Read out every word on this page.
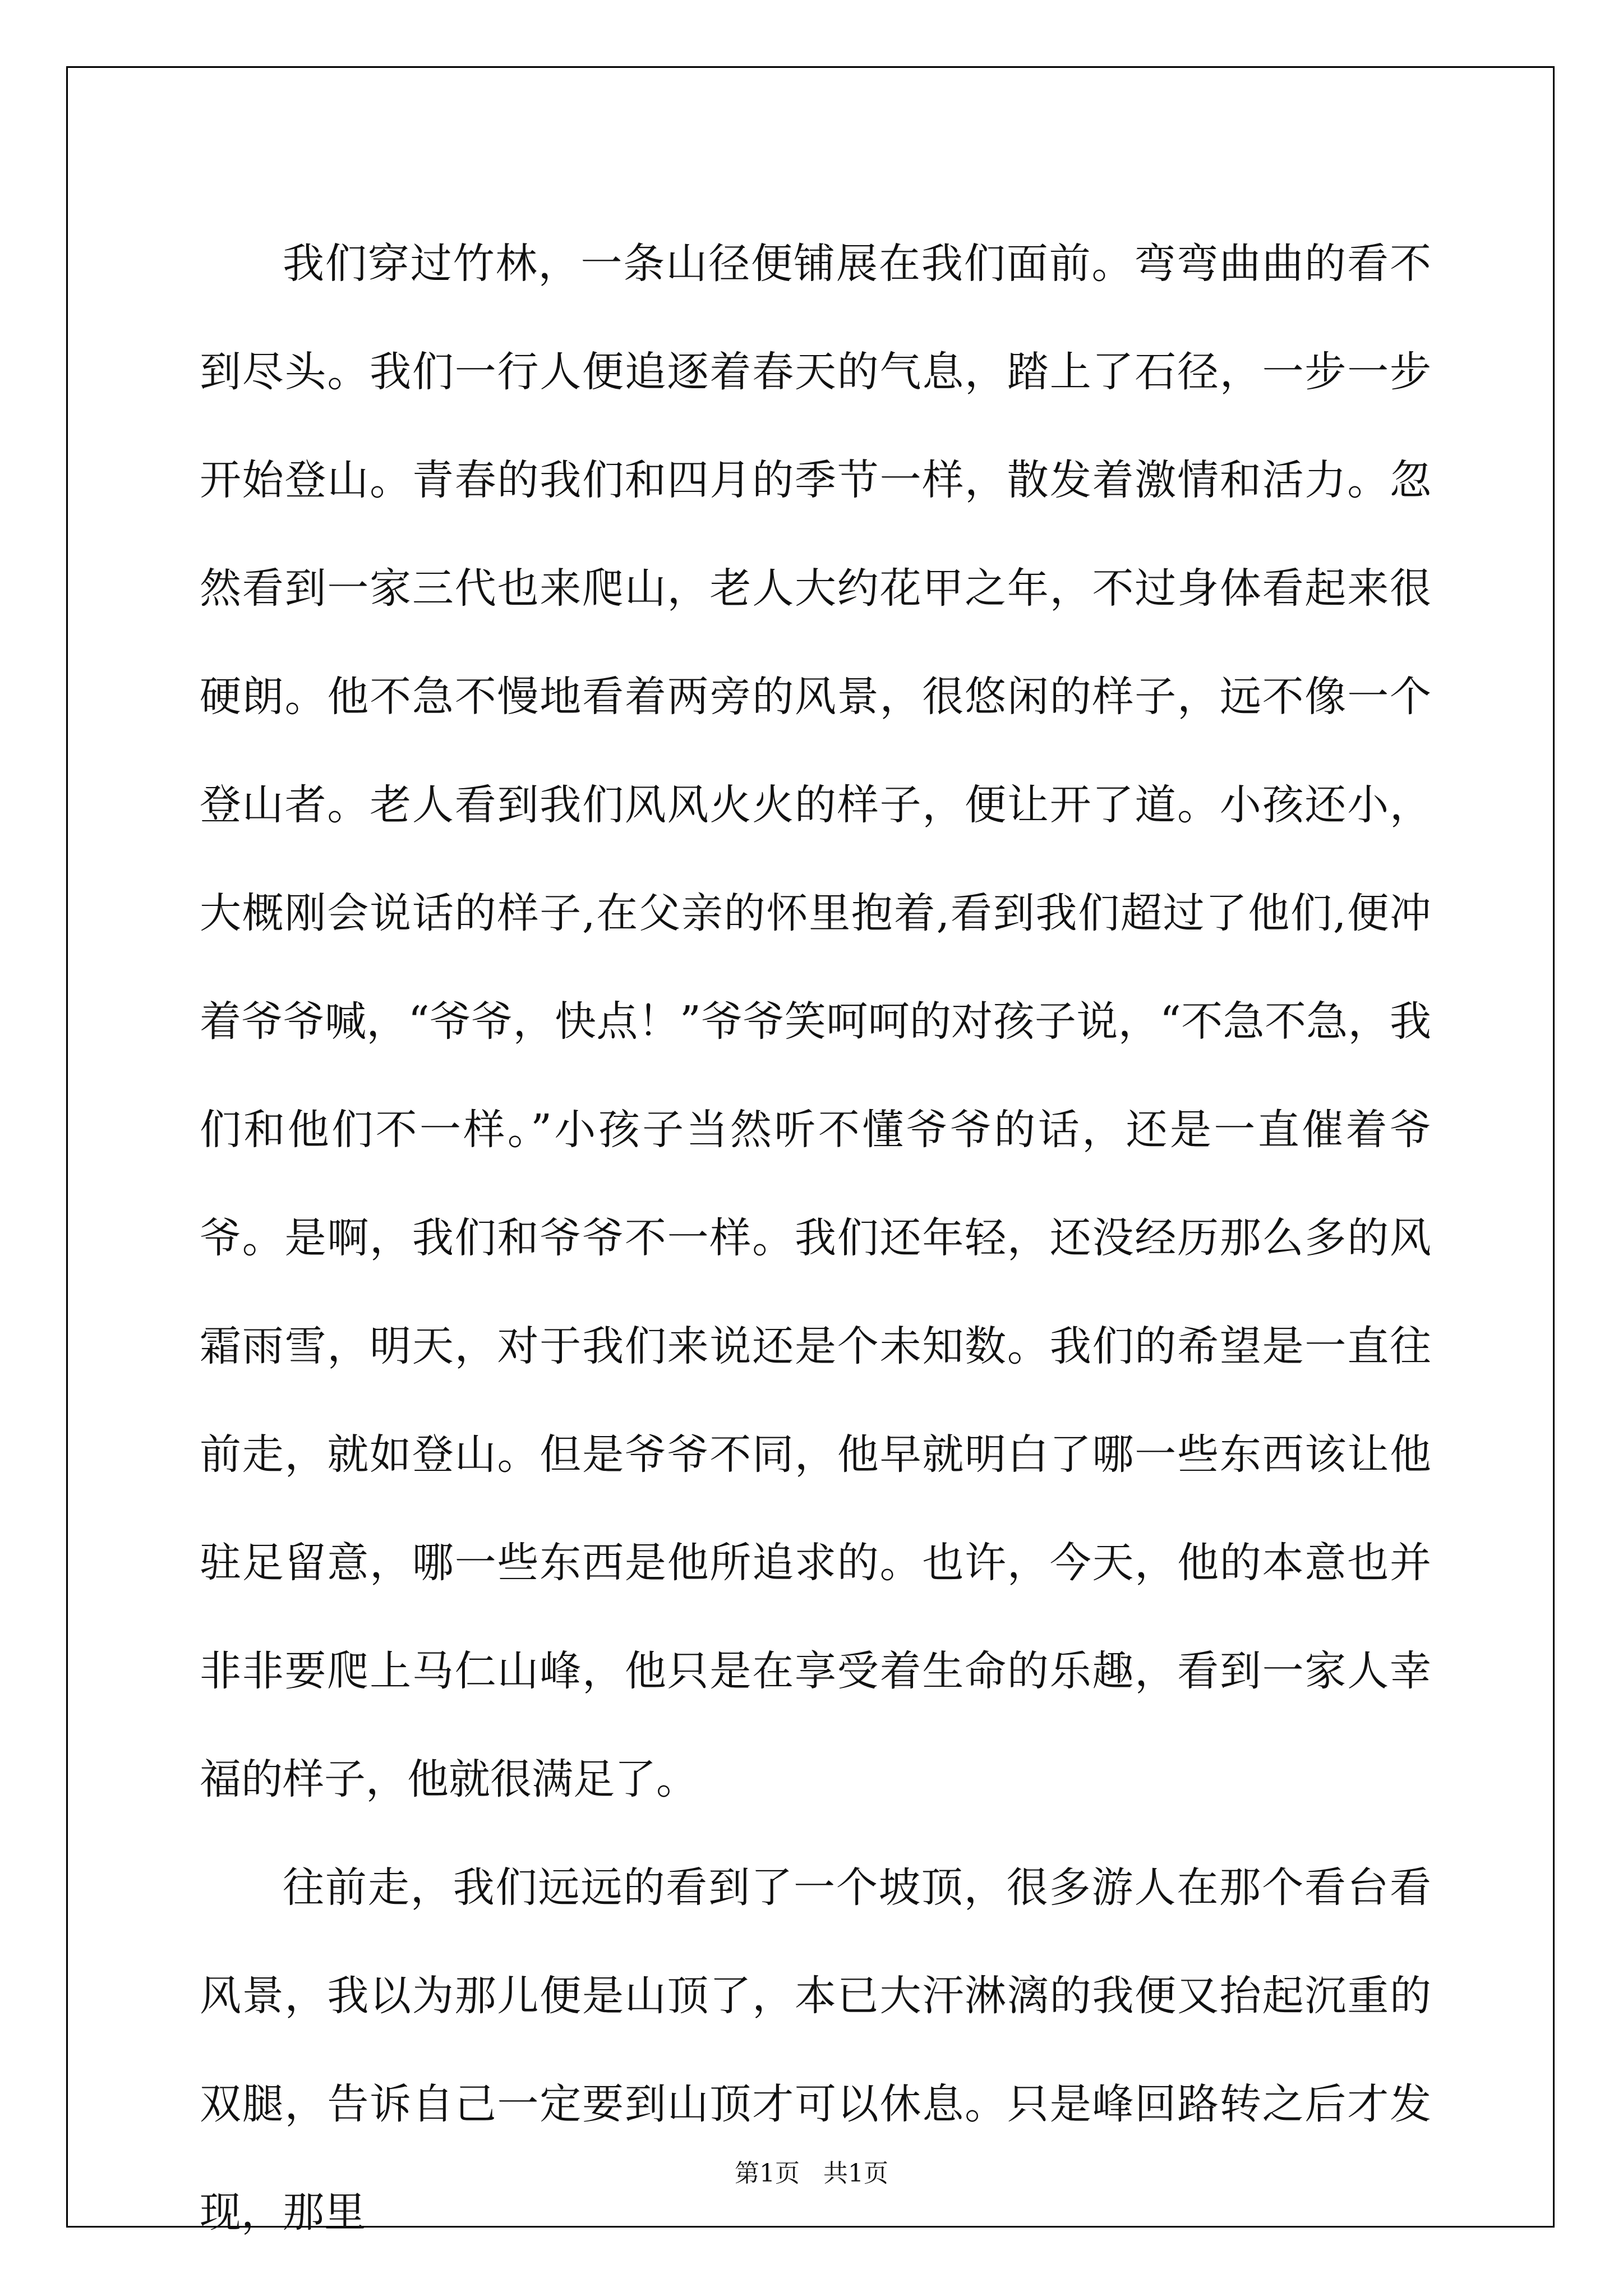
我们穿过竹林，一条山径便铺展在我们面前。弯弯曲曲的看不到尽头。我们一行人便追逐着春天的气息，踏上了石径，一步一步开始登山。青春的我们和四月的季节一样，散发着激情和活力。忽然看到一家三代也来爬山，老人大约花甲之年，不过身体看起来很硬朗。他不急不慢地看着两旁的风景，很悠闲的样子，远不像一个登山者。老人看到我们风风火火的样子，便让开了道。小孩还小，大概刚会说话的样子,在父亲的怀里抱着,看到我们超过了他们,便冲着爷爷喊，“爷爷，快点！”爷爷笑呵呵的对孩子说，“不急不急，我们和他们不一样。”小孩子当然听不懂爷爷的话，还是一直催着爷爷。是啊，我们和爷爷不一样。我们还年轻，还没经历那么多的风霜雨雪，明天，对于我们来说还是个未知数。我们的希望是一直往前走，就如登山。但是爷爷不同，他早就明白了哪一些东西该让他驻足留意，哪一些东西是他所追求的。也许，今天，他的本意也并非非要爬上马仁山峰，他只是在享受着生命的乐趣，看到一家人幸福的样子，他就很满足了。

往前走，我们远远的看到了一个坡顶，很多游人在那个看台看风景，我以为那儿便是山顶了，本已大汗淋漓的我便又抬起沉重的双腿，告诉自己一定要到山顶才可以休息。只是峰回路转之后才发现，那里

第1页 共1页
